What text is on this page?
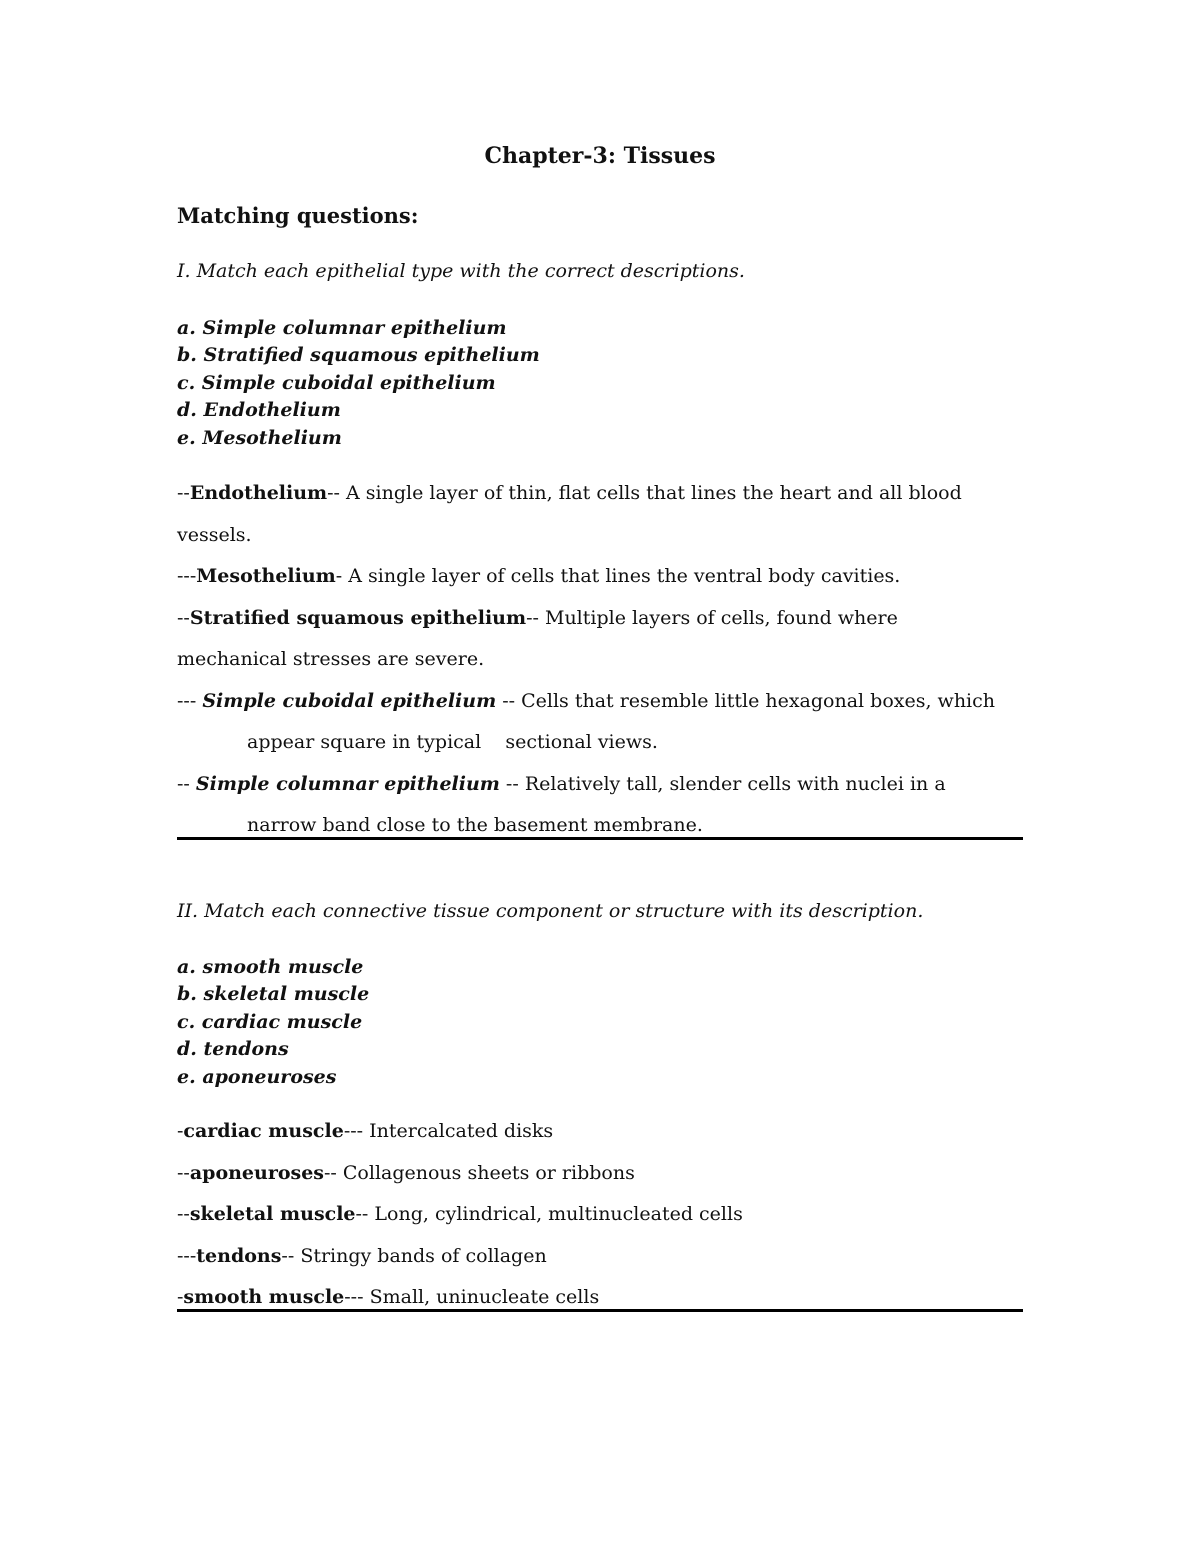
Chapter-3: Tissues
Matching questions:
I. Match each epithelial type with the correct descriptions.
a. Simple columnar epithelium
b. Stratified squamous epithelium
c. Simple cuboidal epithelium
d. Endothelium
e. Mesothelium
--Endothelium-- A single layer of thin, flat cells that lines the heart and all blood
vessels.
---Mesothelium- A single layer of cells that lines the ventral body cavities.
--Stratified squamous epithelium-- Multiple layers of cells, found where
mechanical stresses are severe.
--- Simple cuboidal epithelium -- Cells that resemble little hexagonal boxes, which
appear square in typical    sectional views.
-- Simple columnar epithelium -- Relatively tall, slender cells with nuclei in a
narrow band close to the basement membrane.
II. Match each connective tissue component or structure with its description.
a. smooth muscle
b. skeletal muscle
c. cardiac muscle
d. tendons
e. aponeuroses
-cardiac muscle--- Intercalcated disks
--aponeuroses-- Collagenous sheets or ribbons
--skeletal muscle-- Long, cylindrical, multinucleated cells
---tendons-- Stringy bands of collagen
-smooth muscle--- Small, uninucleate cells
